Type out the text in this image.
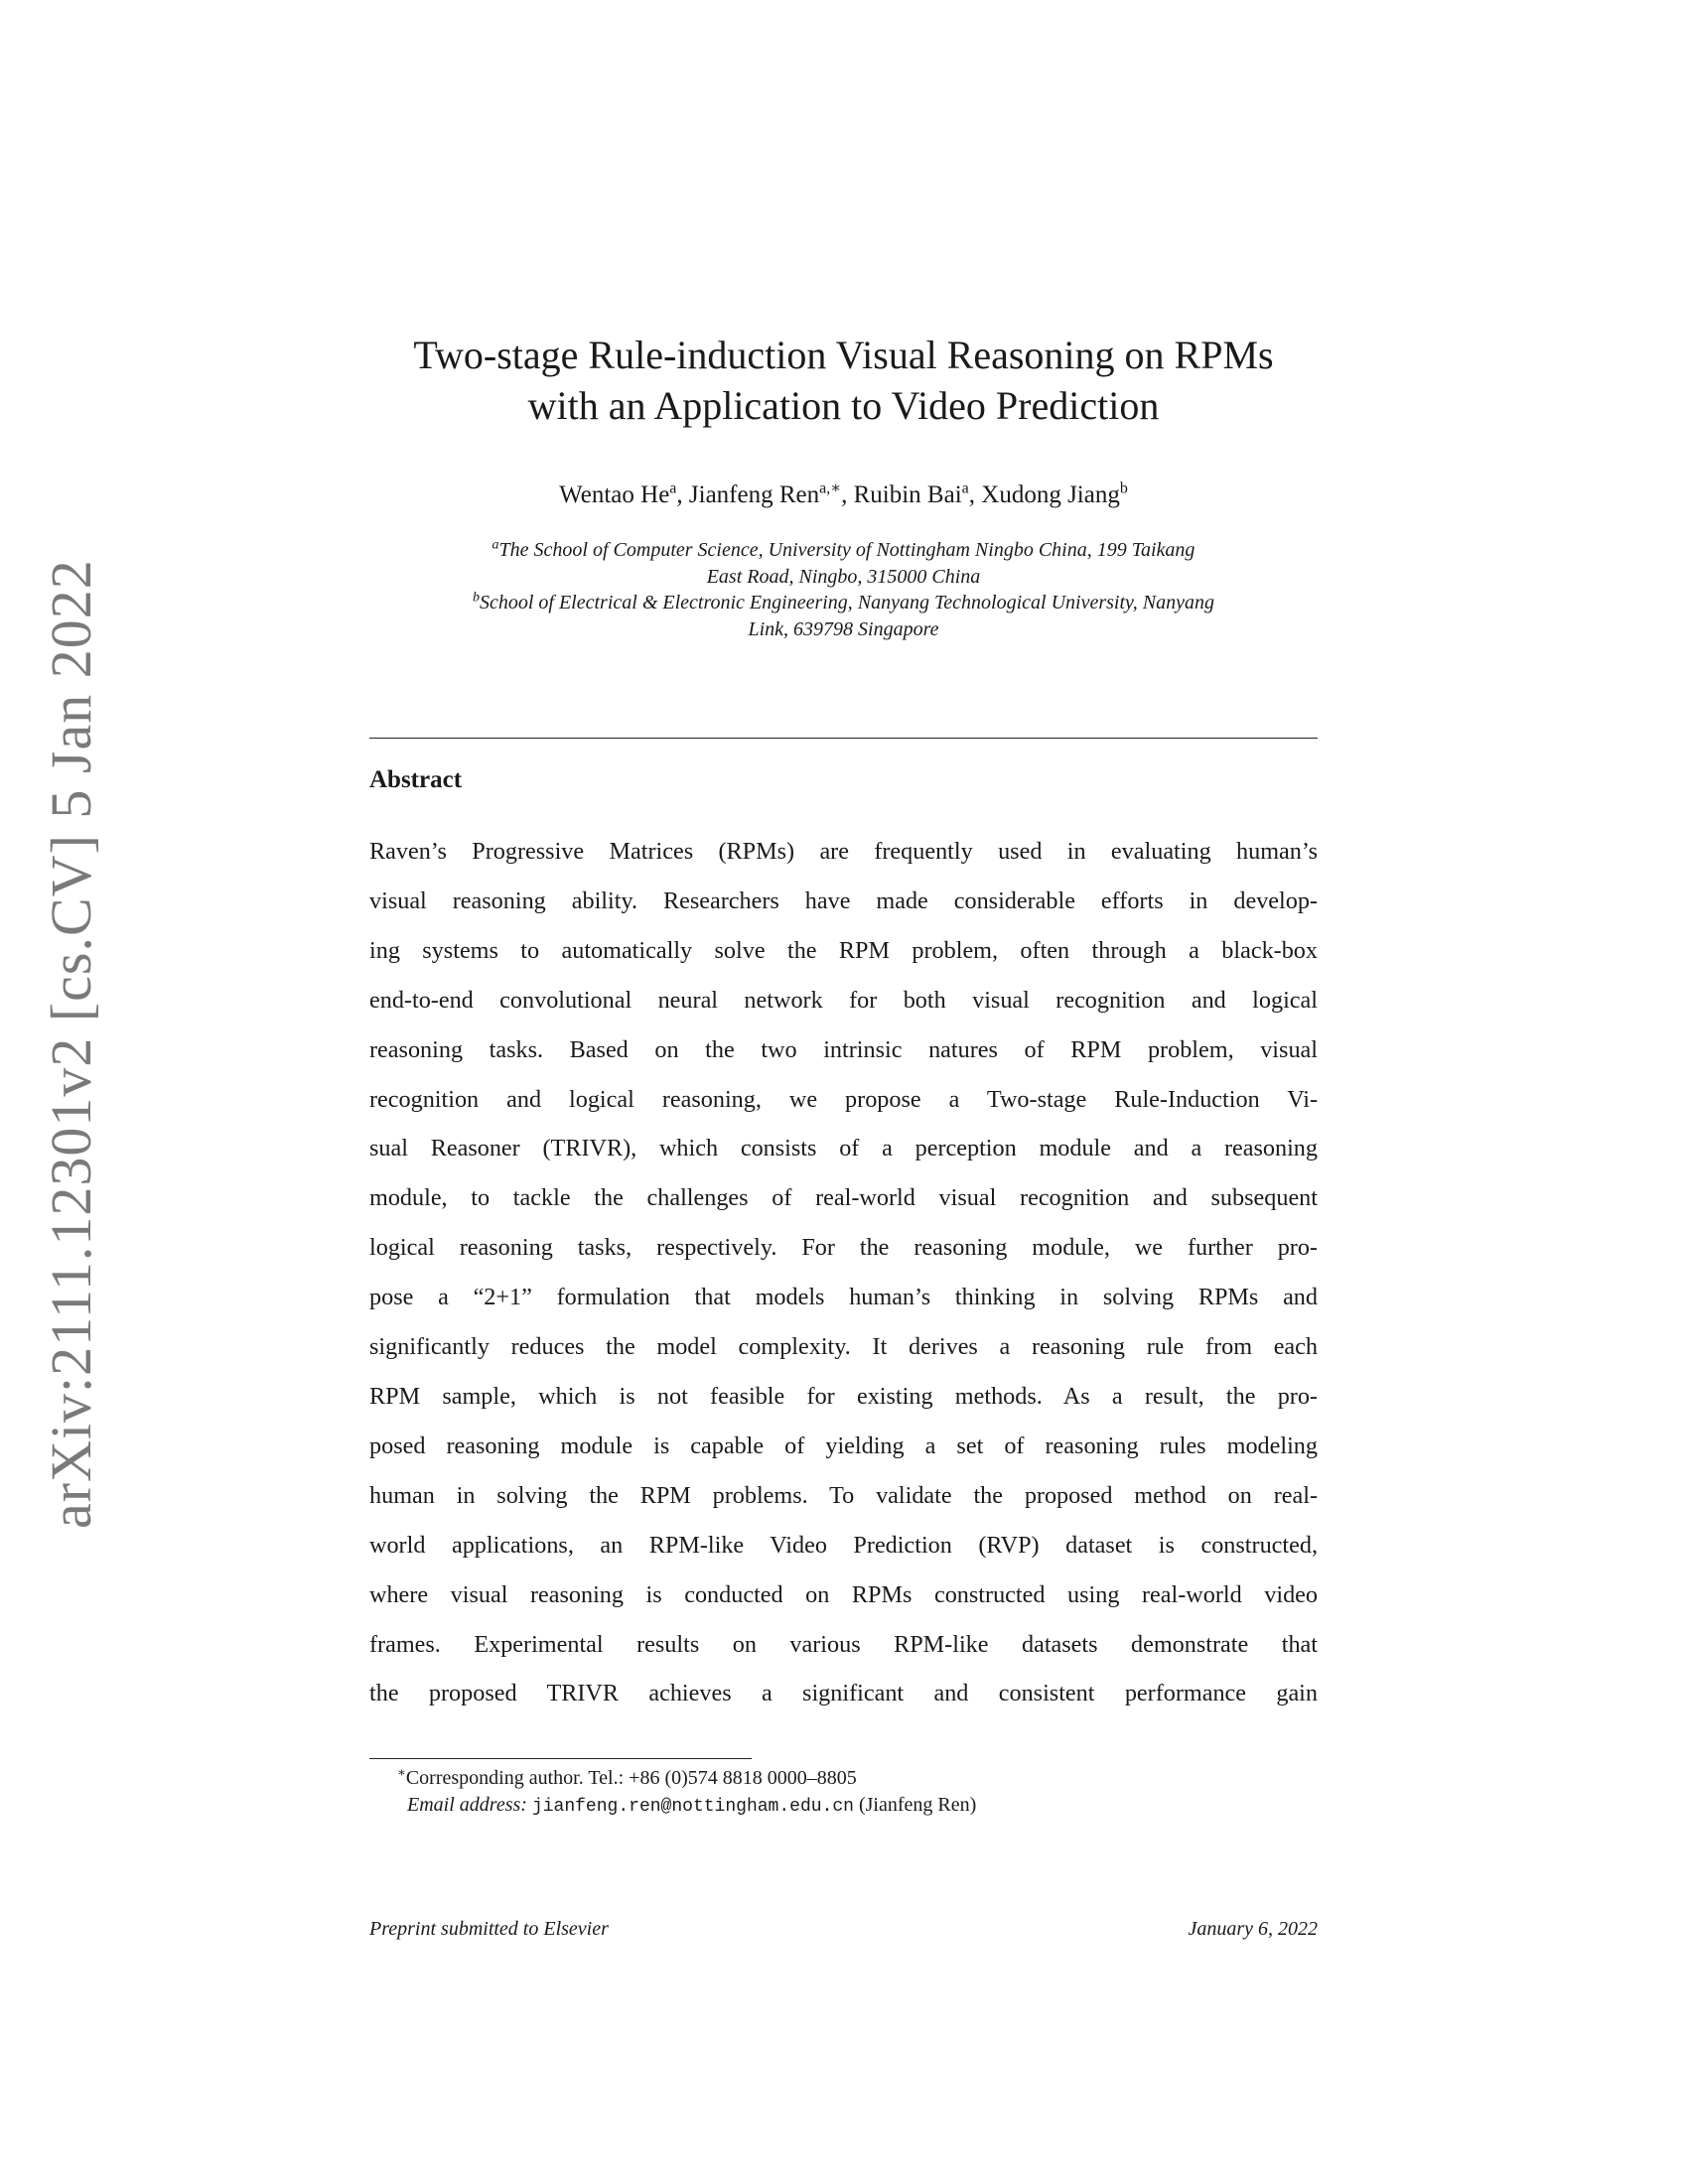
arXiv:2111.12301v2 [cs.CV] 5 Jan 2022
Two-stage Rule-induction Visual Reasoning on RPMs
with an Application to Video Prediction
Wentao He$^a$, Jianfeng Ren$^{a,∗}$, Ruibin Bai$^a$, Xudong Jiang$^b$
$^a$The School of Computer Science, University of Nottingham Ningbo China, 199 Taikang
East Road, Ningbo, 315000 China
$^b$School of Electrical & Electronic Engineering, Nanyang Technological University, Nanyang
Link, 639798 Singapore
Abstract
Raven’s Progressive Matrices (RPMs) are frequently used in evaluating human’s
visual reasoning ability. Researchers have made considerable efforts in develop-
ing systems to automatically solve the RPM problem, often through a black-box
end-to-end convolutional neural network for both visual recognition and logical
reasoning tasks. Based on the two intrinsic natures of RPM problem, visual
recognition and logical reasoning, we propose a Two-stage Rule-Induction Vi-
sual Reasoner (TRIVR), which consists of a perception module and a reasoning
module, to tackle the challenges of real-world visual recognition and subsequent
logical reasoning tasks, respectively. For the reasoning module, we further pro-
pose a “2+1” formulation that models human’s thinking in solving RPMs and
significantly reduces the model complexity. It derives a reasoning rule from each
RPM sample, which is not feasible for existing methods. As a result, the pro-
posed reasoning module is capable of yielding a set of reasoning rules modeling
human in solving the RPM problems. To validate the proposed method on real-
world applications, an RPM-like Video Prediction (RVP) dataset is constructed,
where visual reasoning is conducted on RPMs constructed using real-world video
frames. Experimental results on various RPM-like datasets demonstrate that
the proposed TRIVR achieves a significant and consistent performance gain
∗Corresponding author. Tel.: +86 (0)574 8818 0000–8805
Email address: jianfeng.ren@nottingham.edu.cn (Jianfeng Ren)
Preprint submitted to Elsevier	January 6, 2022
